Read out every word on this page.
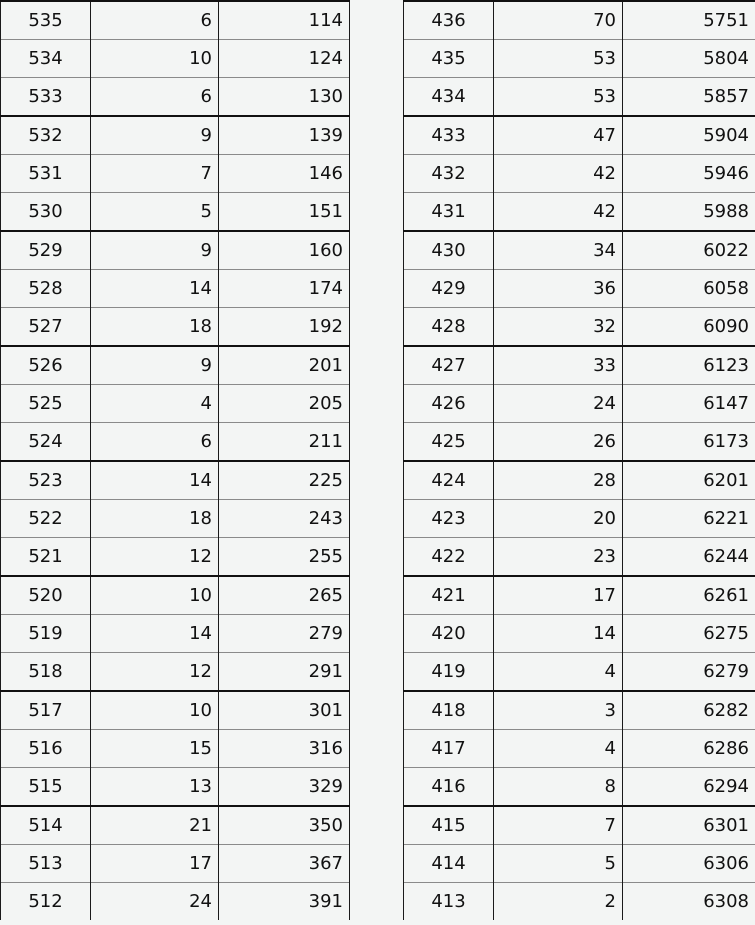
535	6	114
534	10	124
533	6	130
532	9	139
531	7	146
530	5	151
529	9	160
528	14	174
527	18	192
526	9	201
525	4	205
524	6	211
523	14	225
522	18	243
521	12	255
520	10	265
519	14	279
518	12	291
517	10	301
516	15	316
515	13	329
514	21	350
513	17	367
512	24	391
436	70	5751
435	53	5804
434	53	5857
433	47	5904
432	42	5946
431	42	5988
430	34	6022
429	36	6058
428	32	6090
427	33	6123
426	24	6147
425	26	6173
424	28	6201
423	20	6221
422	23	6244
421	17	6261
420	14	6275
419	4	6279
418	3	6282
417	4	6286
416	8	6294
415	7	6301
414	5	6306
413	2	6308
